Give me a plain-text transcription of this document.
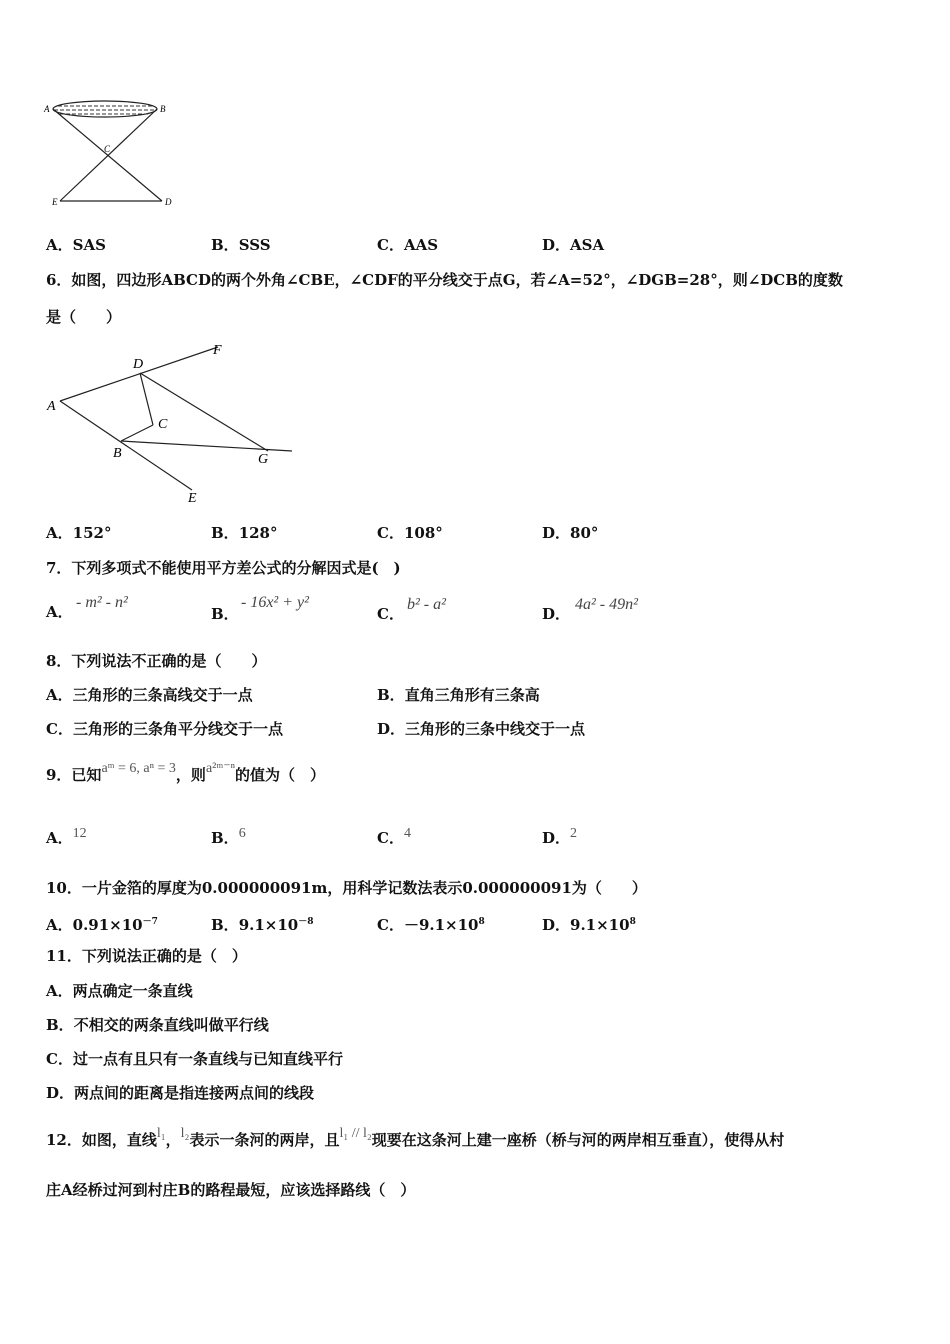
A	B
C
E	D
A．SAS	B．SSS	C．AAS	D．ASA
6．如图，四边形ABCD的两个外角∠CBE，∠CDF的平分线交于点G，若∠A=52°，∠DGB=28°，则∠DCB的度数
是（　　）
A
D
F
C
B	G
E
A．152°	B．128°	C．108°	D．80°
7．下列多项式不能使用平方差公式的分解因式是(　)
A．
- m² - n²
B．
- 16x² + y²
C．
b² - a²
D．
4a² - 49n²
8．下列说法不正确的是（　　）
A．三角形的三条高线交于一点	B．直角三角形有三条高
C．三角形的三条角平分线交于一点	D．三角形的三条中线交于一点
9．已知aᵐ = 6, aⁿ = 3，则a²ᵐ⁻ⁿ的值为（　）
A．12	B．6	C．4	D．2
10．一片金箔的厚度为0.000000091m，用科学记数法表示0.000000091为（　　）
A．$0.91\times 10^{-7}$	B．$9.1\times 10^{-8}$	C．$-9.1\times 10^8$	D．$9.1\times 10^8$
11．下列说法正确的是（　）
A．两点确定一条直线
B．不相交的两条直线叫做平行线
C．过一点有且只有一条直线与已知直线平行
D．两点间的距离是指连接两点间的线段
12．如图，直线l₁，l₂表示一条河的两岸，且l₁ // l₂现要在这条河上建一座桥（桥与河的两岸相互垂直），使得从村
庄A经桥过河到村庄B的路程最短，应该选择路线（　）
